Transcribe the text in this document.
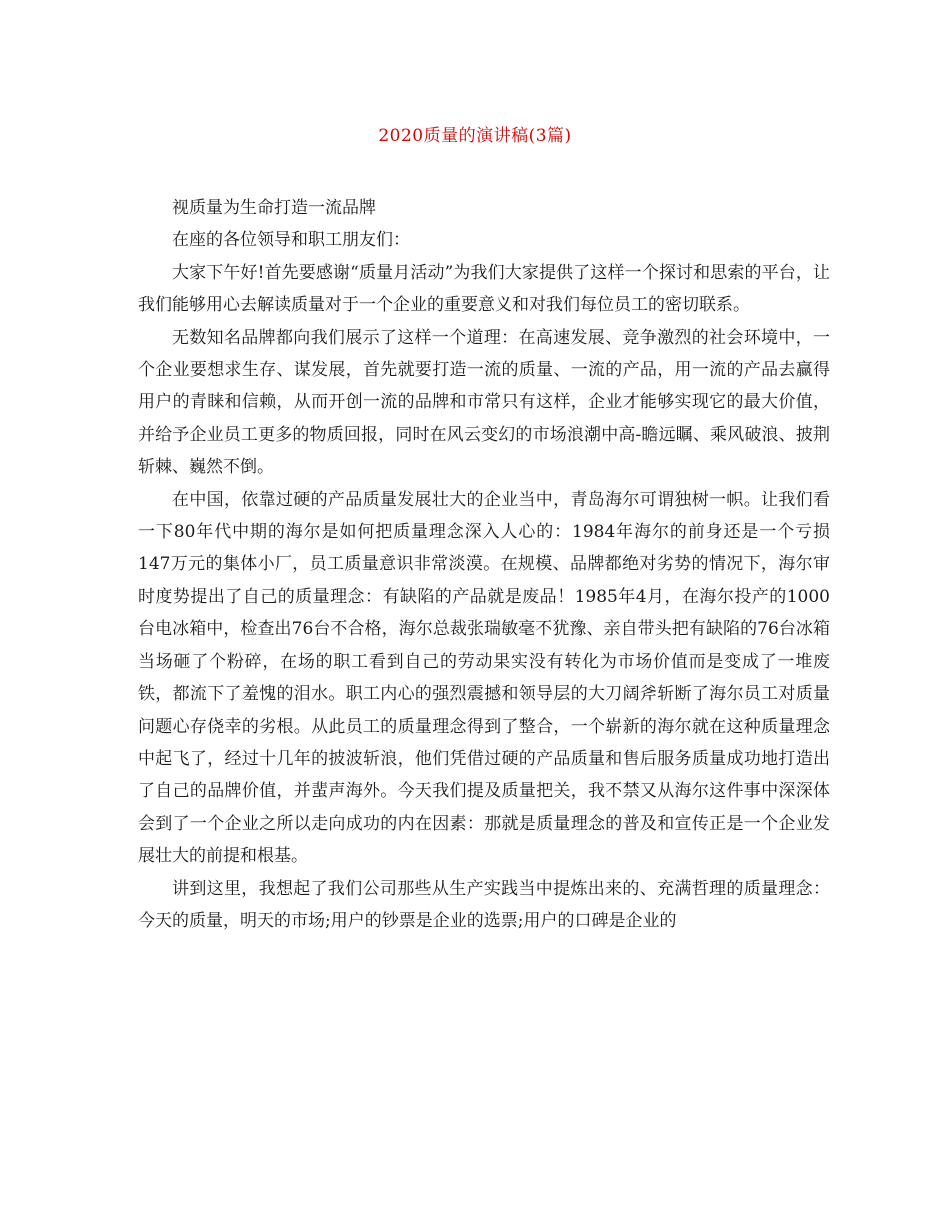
2020质量的演讲稿(3篇)

视质量为生命打造一流品牌

在座的各位领导和职工朋友们：

大家下午好!首先要感谢“质量月活动”为我们大家提供了这样一个探讨和思索的平台，让我们能够用心去解读质量对于一个企业的重要意义和对我们每位员工的密切联系。

无数知名品牌都向我们展示了这样一个道理：在高速发展、竞争激烈的社会环境中，一个企业要想求生存、谋发展，首先就要打造一流的质量、一流的产品，用一流的产品去赢得用户的青睐和信赖，从而开创一流的品牌和市常只有这样，企业才能够实现它的最大价值，并给予企业员工更多的物质回报，同时在风云变幻的市场浪潮中高-瞻远瞩、乘风破浪、披荆斩棘、巍然不倒。

在中国，依靠过硬的产品质量发展壮大的企业当中，青岛海尔可谓独树一帜。让我们看一下80年代中期的海尔是如何把质量理念深入人心的：1984年海尔的前身还是一个亏损147万元的集体小厂，员工质量意识非常淡漠。在规模、品牌都绝对劣势的情况下，海尔审时度势提出了自己的质量理念：有缺陷的产品就是废品！1985年4月，在海尔投产的1000台电冰箱中，检查出76台不合格，海尔总裁张瑞敏毫不犹豫、亲自带头把有缺陷的76台冰箱当场砸了个粉碎，在场的职工看到自己的劳动果实没有转化为市场价值而是变成了一堆废铁，都流下了羞愧的泪水。职工内心的强烈震撼和领导层的大刀阔斧斩断了海尔员工对质量问题心存侥幸的劣根。从此员工的质量理念得到了整合，一个崭新的海尔就在这种质量理念中起飞了，经过十几年的披波斩浪，他们凭借过硬的产品质量和售后服务质量成功地打造出了自己的品牌价值，并蜚声海外。今天我们提及质量把关，我不禁又从海尔这件事中深深体会到了一个企业之所以走向成功的内在因素：那就是质量理念的普及和宣传正是一个企业发展壮大的前提和根基。

讲到这里，我想起了我们公司那些从生产实践当中提炼出来的、充满哲理的质量理念：今天的质量，明天的市场;用户的钞票是企业的选票;用户的口碑是企业的
